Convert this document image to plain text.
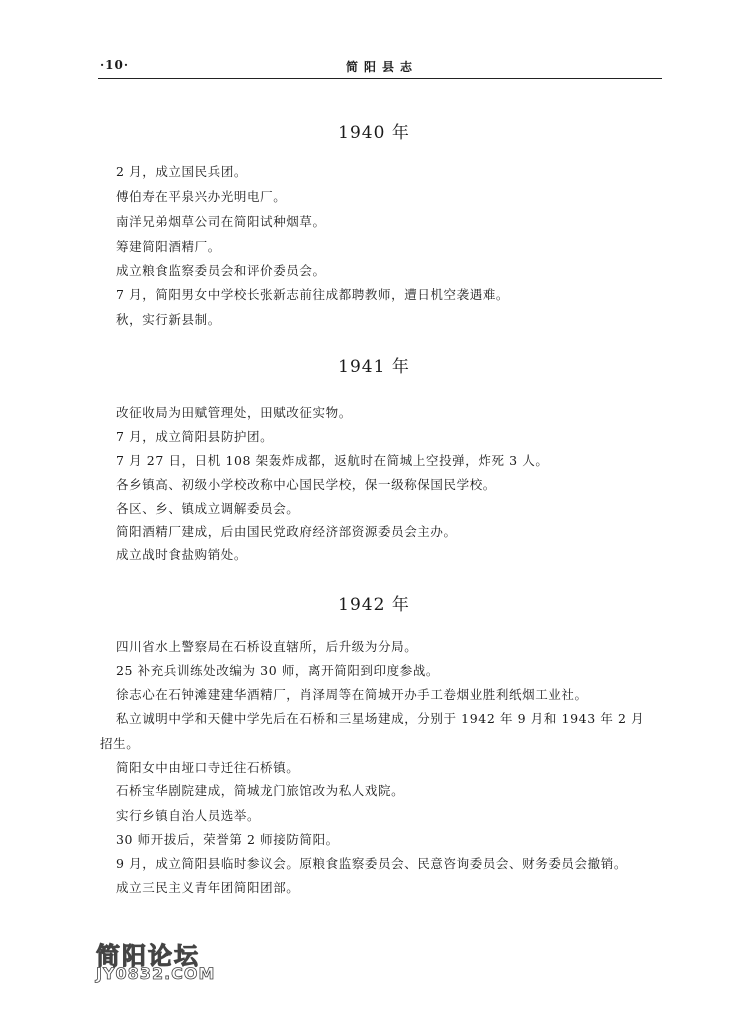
·10·	简阳县志
1940 年
2 月，成立国民兵团。
傅伯寿在平泉兴办光明电厂。
南洋兄弟烟草公司在简阳试种烟草。
筹建简阳酒精厂。
成立粮食监察委员会和评价委员会。
7 月，简阳男女中学校长张新志前往成都聘教师，遭日机空袭遇难。
秋，实行新县制。
1941 年
改征收局为田赋管理处，田赋改征实物。
7 月，成立简阳县防护团。
7 月 27 日，日机 108 架轰炸成都，返航时在简城上空投弹，炸死 3 人。
各乡镇高、初级小学校改称中心国民学校，保一级称保国民学校。
各区、乡、镇成立调解委员会。
简阳酒精厂建成，后由国民党政府经济部资源委员会主办。
成立战时食盐购销处。
1942 年
四川省水上警察局在石桥设直辖所，后升级为分局。
25 补充兵训练处改编为 30 师，离开简阳到印度参战。
徐志心在石钟滩建建华酒精厂，肖泽周等在简城开办手工卷烟业胜利纸烟工业社。
私立诚明中学和天健中学先后在石桥和三星场建成，分别于 1942 年 9 月和 1943 年 2 月
招生。
简阳女中由垭口寺迁往石桥镇。
石桥宝华剧院建成，简城龙门旅馆改为私人戏院。
实行乡镇自治人员选举。
30 师开拔后，荣誉第 2 师接防简阳。
9 月，成立简阳县临时参议会。原粮食监察委员会、民意咨询委员会、财务委员会撤销。
成立三民主义青年团简阳团部。
简阳论坛
JY0832.COM
